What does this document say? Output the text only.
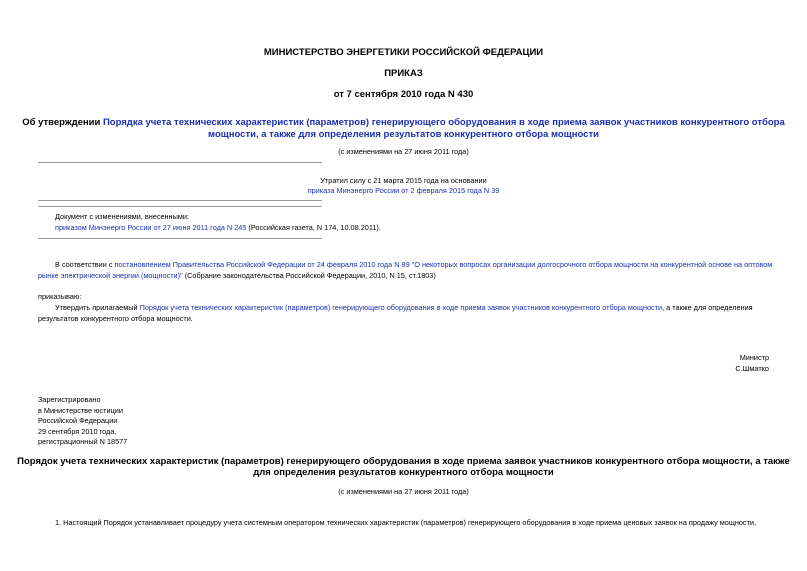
МИНИСТЕРСТВО ЭНЕРГЕТИКИ РОССИЙСКОЙ ФЕДЕРАЦИИ
ПРИКАЗ
от 7 сентября 2010 года N 430
Об утверждении Порядка учета технических характеристик (параметров) генерирующего оборудования в ходе приема заявок участников конкурентного отбора
мощности, а также для определения результатов конкурентного отбора мощности
(с изменениями на 27 июня 2011 года)
Утратил силу с 21 марта 2015 года на основании
приказа Минэнерго России от 2 февраля 2015 года N 39
Документ с изменениями, внесенными:
приказом Минэнерго России от 27 июня 2011 года N 245 (Российская газета, N 174, 10.08.2011).
В соответствии с постановлением Правительства Российской Федерации от 24 февраля 2010 года N 89 "О некоторых вопросах организации долгосрочного отбора мощности на конкурентной основе на оптовом
рынке электрической энергии (мощности)" (Собрание законодательства Российской Федерации, 2010, N 15, ст.1803)
приказываю:
Утвердить прилагаемый Порядок учета технических характеристик (параметров) генерирующего оборудования в ходе приема заявок участников конкурентного отбора мощности, а также для определения
результатов конкурентного отбора мощности.
Министр
С.Шматко
Зарегистрировано
в Министерстве юстиции
Российской Федерации
29 сентября 2010 года,
регистрационный N 18577
Порядок учета технических характеристик (параметров) генерирующего оборудования в ходе приема заявок участников конкурентного отбора мощности, а также
для определения результатов конкурентного отбора мощности
(с изменениями на 27 июня 2011 года)
1. Настоящий Порядок устанавливает процедуру учета системным оператором технических характеристик (параметров) генерирующего оборудования в ходе приема ценовых заявок на продажу мощности,
